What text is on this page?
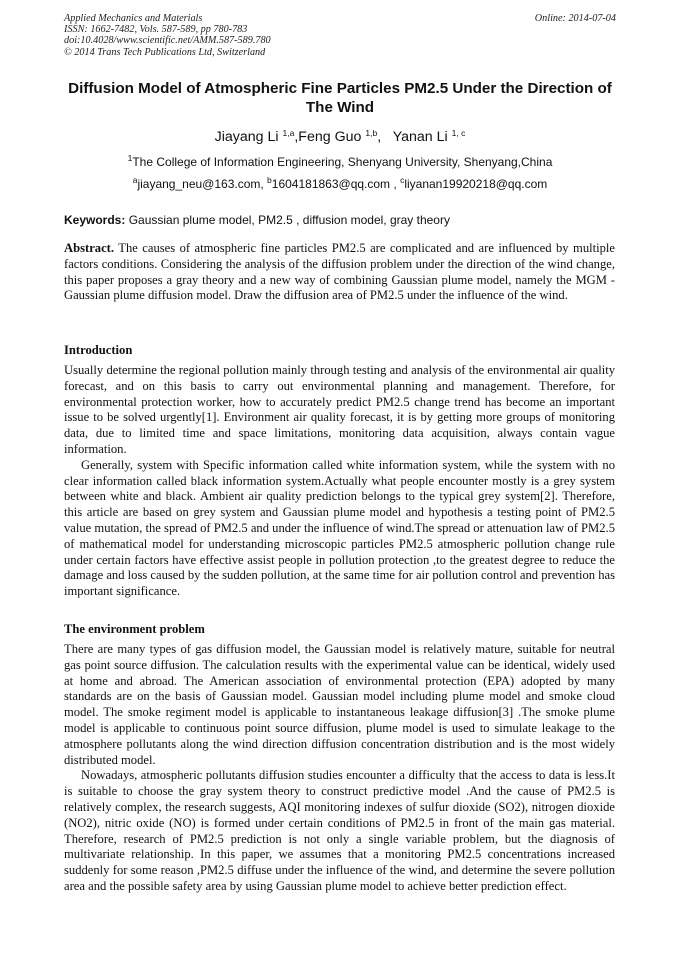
Applied Mechanics and Materials
ISSN: 1662-7482, Vols. 587-589, pp 780-783
doi:10.4028/www.scientific.net/AMM.587-589.780
© 2014 Trans Tech Publications Ltd, Switzerland
Online: 2014-07-04
Diffusion Model of Atmospheric Fine Particles PM2.5 Under the Direction of The Wind
Jiayang Li $^{1,a}$,Feng Guo $^{1,b}$,   Yanan Li $^{1, c}$
$^1$The College of Information Engineering, Shenyang University, Shenyang,China
$^a$jiayang_neu@163.com, $^b$1604181863@qq.com , $^c$liyanan19920218@qq.com
Keywords: Gaussian plume model, PM2.5 , diffusion model, gray theory

Abstract. The causes of atmospheric fine particles PM2.5 are complicated and are influenced by multiple factors conditions. Considering the analysis of the diffusion problem under the direction of the wind change, this paper proposes a gray theory and a new way of combining Gaussian plume model, namely the MGM - Gaussian plume diffusion model. Draw the diffusion area of PM2.5 under the influence of the wind.

Introduction

Usually determine the regional pollution mainly through testing and analysis of the environmental air quality forecast, and on this basis to carry out environmental planning and management. Therefore, for environmental protection worker, how to accurately predict PM2.5 change trend has become an important issue to be solved urgently[1]. Environment air quality forecast, it is by getting more groups of monitoring data, due to limited time and space limitations, monitoring data acquisition, always contain vague information.

Generally, system with Specific information called white information system, while the system with no clear information called black information system.Actually what people encounter mostly is a grey system between white and black. Ambient air quality prediction belongs to the typical grey system[2]. Therefore, this article are based on grey system and Gaussian plume model and hypothesis a testing point of PM2.5 value mutation, the spread of PM2.5 and under the influence of wind.The spread or attenuation law of PM2.5 of mathematical model for understanding microscopic particles PM2.5 atmospheric pollution change rule under certain factors have effective assist people in pollution protection ,to the greatest degree to reduce the damage and loss caused by the sudden pollution, at the same time for air pollution control and prevention has important significance.

The environment problem

There are many types of gas diffusion model, the Gaussian model is relatively mature, suitable for neutral gas point source diffusion. The calculation results with the experimental value can be identical, widely used at home and abroad. The American association of environmental protection (EPA) adopted by many standards are on the basis of Gaussian model. Gaussian model including plume model and smoke cloud model. The smoke regiment model is applicable to instantaneous leakage diffusion[3] .The smoke plume model is applicable to continuous point source diffusion, plume model is used to simulate leakage to the atmosphere pollutants along the wind direction diffusion concentration distribution and is the most widely distributed model.

Nowadays, atmospheric pollutants diffusion studies encounter a difficulty that the access to data is less.It is suitable to choose the gray system theory to construct predictive model .And the cause of PM2.5 is relatively complex, the research suggests, AQI monitoring indexes of sulfur dioxide (SO2), nitrogen dioxide (NO2), nitric oxide (NO) is formed under certain conditions of PM2.5 in front of the main gas material. Therefore, research of PM2.5 prediction is not only a single variable problem, but the diagnosis of multivariate relationship. In this paper, we assumes that a monitoring PM2.5 concentrations increased suddenly for some reason ,PM2.5 diffuse under the influence of the wind, and determine the severe pollution area and the possible safety area by using Gaussian plume model to achieve better prediction effect.
